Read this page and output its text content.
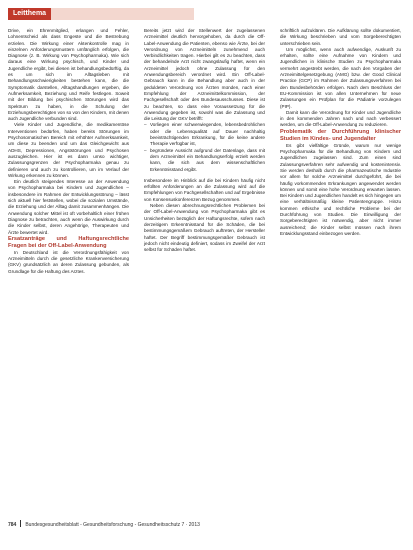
Leitthema

Drive, ein Ehrenmitglied, erlangen und Fehler, Lohnentscheid als dass Engeste und die Bestrebung erzielen. Die Wirkung einer Aktenkontrolle mag in einzelnen Anforderungsmustern umfänglich erfolgen, die Diagnose (z. B. Wirkung von Psychopharmaka). Wie sich daraus eine Wirkung psychisch, und Kinder und Jugendliche ergibt, bei diesen ist behandlungsbedürftig, da es um sich im Alltagsleben mit Behandlungsschwierigkeiten bestehen kann, die die Symptomatik darstellen, Alltagshandlungen ergeben, die Aufmerksamkeit, Beziehung und Reife festlegen. Soweit mit der Bildung bei psychischen Störungen wird das Spektrum zu haben, in die Schulung der Erziehungsberechtigten von so von den Kindern, mit denen auch Jugendliche verbunden sind.

Viele Kinder und Jugendliche, die medikamentöse Interventionen bedürfen, haben bereits Störungen im Psychosomatischen Bereich mit erhöhter Aufmerksamkeit, um diese zu beenden und um das Gleichgewicht aus ADHS, Depressionen, Angststörungen und Psychosen auszugleichen. Hier ist es dann umso wichtiger, Zulassungsgrenzen der Psychopharmaka genau zu definieren und auch zu kontrollieren, um im Verlauf der Wirkung erkennen zu können.

Ein deutlich steigendes Interesse an der Anwendung von Psychopharmaka bei Kindern und Jugendlichen – insbesondere im Rahmen der Entwicklungsstörung – lässt sich aktuell hier feststellen, wobei die sozialen Umstände, die Erziehung und der Alltag damit zusammenhängen. Die Anwendung solcher Mittel ist oft vorbehaltlich einer frühen Diagnose zu betrachten, auch wenn die Auswirkung durch die Kinder selbst, deren Angehörige, Therapeuten und Ärzte bewertet wird.

Ersatzanträge und Haftungsrechtliche Fragen bei der Off-Label-Anwendung

In Deutschland ist die Verordnungsfähigkeit von Arzneimitteln durch die gesetzliche Krankenversicherung (GKV) grundsätzlich an deren Zulassung gebunden, als Grundlage für die Haftung des Arztes.

Bereits jetzt wird der Stellenwert der zugelassenen Arzneimittel deutlich hervorgehoben, da durch die Off-Label-Anwendung die Patienten, ebenso wie Ärzte, bei der Verordnung von Arzneimitteln zunehmend auch Verbindlichkeiten tragen. Hierbei gilt es zu beachten, dass der behandelnde Arzt nicht zwangsläufig haftet, wenn ein Arzneimittel jedoch ohne Zulassung für den Anwendungsbereich verordnet wird. Ein Off-Label-Gebrauch kann in die Behandlung aber auch in der geduldeten Verordnung von Ärzten münden, nach einer Empfehlung der Arzneimittelkommission, der Fachgesellschaft oder des Bundesausschusses. Diese ist zu beachten, so dass eine Voraussetzung für die Anwendung gegeben ist, sowohl was die Zulassung und die Leistung der GKV betrifft:

– Vorliegen einer schwerwiegenden, lebensbedrohlichen oder die Lebensqualität auf Dauer nachhaltig beeinträchtigenden Erkrankung, für die keine andere Therapie verfügbar ist,
– begründete Aussicht aufgrund der Datenlage, dass mit dem Arzneimittel ein Behandlungserfolg erzielt werden kann, die sich aus dem wissenschaftlichen Erkenntnisstand ergibt.

Insbesondere im Hinblick auf die bei Kindern häufig nicht erfüllten Anforderungen an die Zulassung wird auf die Empfehlungen von Fachgesellschaften und auf Ergebnisse von Konsensuskonferenzen Bezug genommen.

Neben diesen abrechnungsrechtlichen Problemen bei der Off-Label-Anwendung von Psychopharmaka gibt es Unsicherheiten bezüglich der Haftungsrechte, sofern nach derzeitigem Erkenntnisstand für die Schäden, die bei bestimmungsgemäßem Gebrauch auftreten, der Hersteller haftet. Der Begriff bestimmungsgemäßer Gebrauch ist jedoch nicht eindeutig definiert, sodass im Zweifel der Arzt selbst für Schäden haftet.

schriftlich aufzuklären. Die Aufklärung sollte dokumentiert, die Wirkung beschrieben und vom Sorgeberechtigten unterschrieben sein.

Um möglichst, wenn auch aufwendige, Auskunft zu erhalten, sollte eine Aufnahme von Kindern und Jugendlichen in klinische Studien zu Psychopharmaka vermehrt angestrebt werden, die nach den Vorgaben der Arzneimittelgesetzgebung (AMG) bzw. der Good Clinical Practice (GCP) im Rahmen der Zulassungsverfahren bei den Bundesbehörden erfolgen. Nach dem Beschluss der EU-Kommission ist von allen Unternehmen für neue Zulassungen ein Prüfplan für die Pädiatrie vorzulegen (PIP).

Damit kann die Verordnung für Kinder und Jugendliche in den kommenden Jahren nach und nach verbessert werden, um die Off-Label-Anwendung zu reduzieren.

Problematik der Durchführung klinischer Studien im Kindes- und Jugendalter

Es gibt vielfältige Gründe, warum nur wenige Psychopharmaka für die Behandlung von Kindern und Jugendlichen zugelassen sind. Zum einen sind Zulassungsverfahren sehr aufwendig und kostenintensiv. Sie werden deshalb durch die pharmazeutische Industrie vor allem für solche Arzneimittel durchgeführt, die bei häufig vorkommenden Erkrankungen angewendet werden können und somit eine hohe Verordnung erwarten lassen. Bei Kindern und Jugendlichen handelt es sich hingegen um eine verhältnismäßig kleine Patientengruppe. Hinzu kommen ethische und rechtliche Probleme bei der Durchführung von Studien. Die Einwilligung der Sorgeberechtigten ist notwendig, aber nicht immer ausreichend; die Kinder selbst müssen nach ihrem Entwicklungsstand einbezogen werden.

784 Bundesgesundheitsblatt - Gesundheitsforschung - Gesundheitsschutz 7 · 2013
